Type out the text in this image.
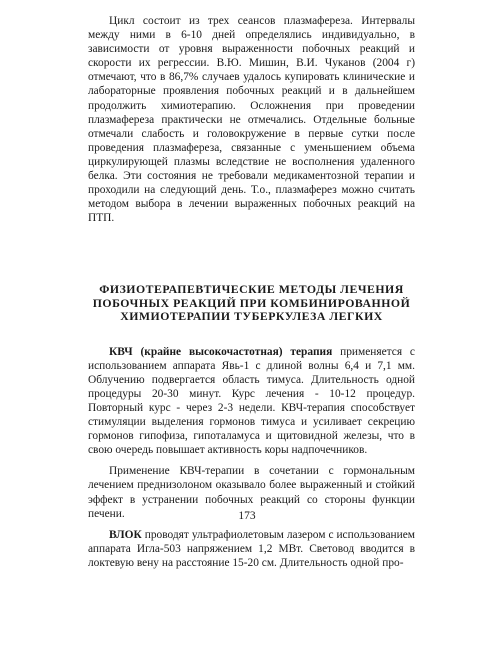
Цикл состоит из трех сеансов плазмафереза. Интервалы между ними в 6-10 дней определялись индивидуально, в зависимости от уровня выраженности побочных реакций и скорости их регрессии. В.Ю. Мишин, В.И. Чуканов (2004 г) отмечают, что в 86,7% случаев удалось купировать клинические и лабораторные проявления побочных реакций и в дальнейшем продолжить химиотерапию. Осложнения при проведении плазмафереза практически не отмечались. Отдельные больные отмечали слабость и головокружение в первые сутки после проведения плазмафереза, связанные с уменьшением объема циркулирующей плазмы вследствие не восполнения удаленного белка. Эти состояния не требовали медикаментозной терапии и проходили на следующий день. Т.о., плазмаферез можно считать методом выбора в лечении выраженных побочных реакций на ПТП.

ФИЗИОТЕРАПЕВТИЧЕСКИЕ МЕТОДЫ ЛЕЧЕНИЯ
ПОБОЧНЫХ РЕАКЦИЙ ПРИ КОМБИНИРОВАННОЙ
ХИМИОТЕРАПИИ ТУБЕРКУЛЕЗА ЛЕГКИХ

КВЧ (крайне высокочастотная) терапия применяется с использованием аппарата Явь-1 с длиной волны 6,4 и 7,1 мм. Облучению подвергается область тимуса. Длительность одной процедуры 20-30 минут. Курс лечения - 10-12 процедур. Повторный курс - через 2-3 недели. КВЧ-терапия способствует стимуляции выделения гормонов тимуса и усиливает секрецию гормонов гипофиза, гипоталамуса и щитовидной железы, что в свою очередь повышает активность коры надпочечников.

Применение КВЧ-терапии в сочетании с гормональным лечением преднизолоном оказывало более выраженный и стойкий эффект в устранении побочных реакций со стороны функции печени.

ВЛОК проводят ультрафиолетовым лазером с использованием аппарата Игла-503 напряжением 1,2 МВт. Световод вводится в локтевую вену на расстояние 15-20 см. Длительность одной про-

173
